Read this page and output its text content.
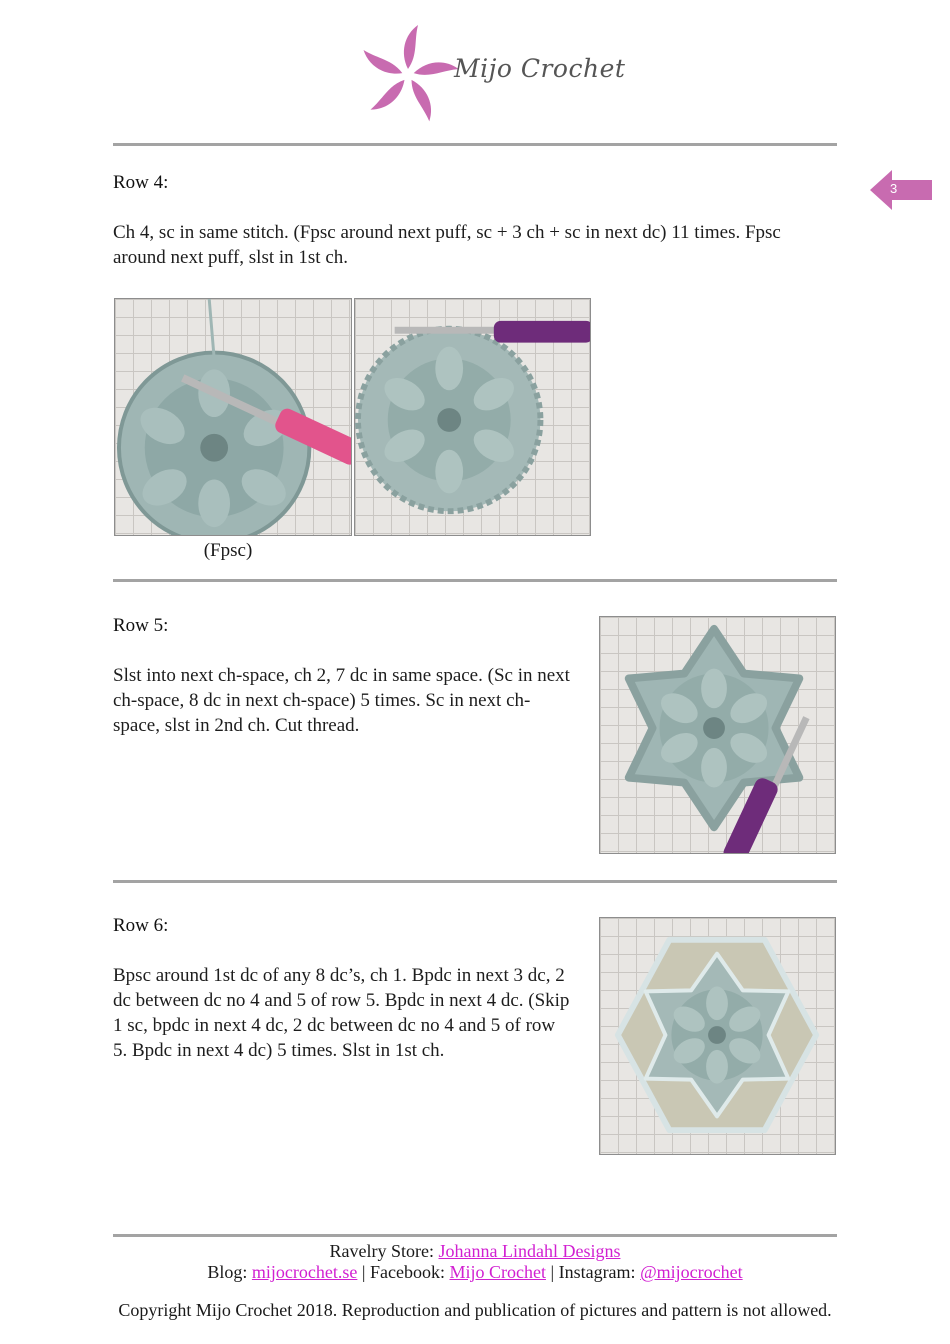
Mijo Crochet
3
Row 4:
Ch 4, sc in same stitch. (Fpsc around next puff, sc + 3 ch + sc in next dc) 11 times. Fpsc around next puff, slst in 1st ch.
(Fpsc)
Row 5:
Slst into next ch-space, ch 2, 7 dc in same space. (Sc in next ch-space, 8 dc in next ch-space) 5 times. Sc in next ch-space, slst in 2nd ch. Cut thread.
Row 6:
Bpsc around 1st dc of any 8 dc’s, ch 1. Bpdc in next 3 dc, 2 dc between dc no 4 and 5 of row 5. Bpdc in next 4 dc. (Skip 1 sc, bpdc in next 4 dc, 2 dc between dc no 4 and 5 of row 5. Bpdc in next 4 dc) 5 times. Slst in 1st ch.
Ravelry Store: Johanna Lindahl Designs
Blog: mijocrochet.se | Facebook: Mijo Crochet | Instagram: @mijocrochet
Copyright Mijo Crochet 2018. Reproduction and publication of pictures and pattern is not allowed.
